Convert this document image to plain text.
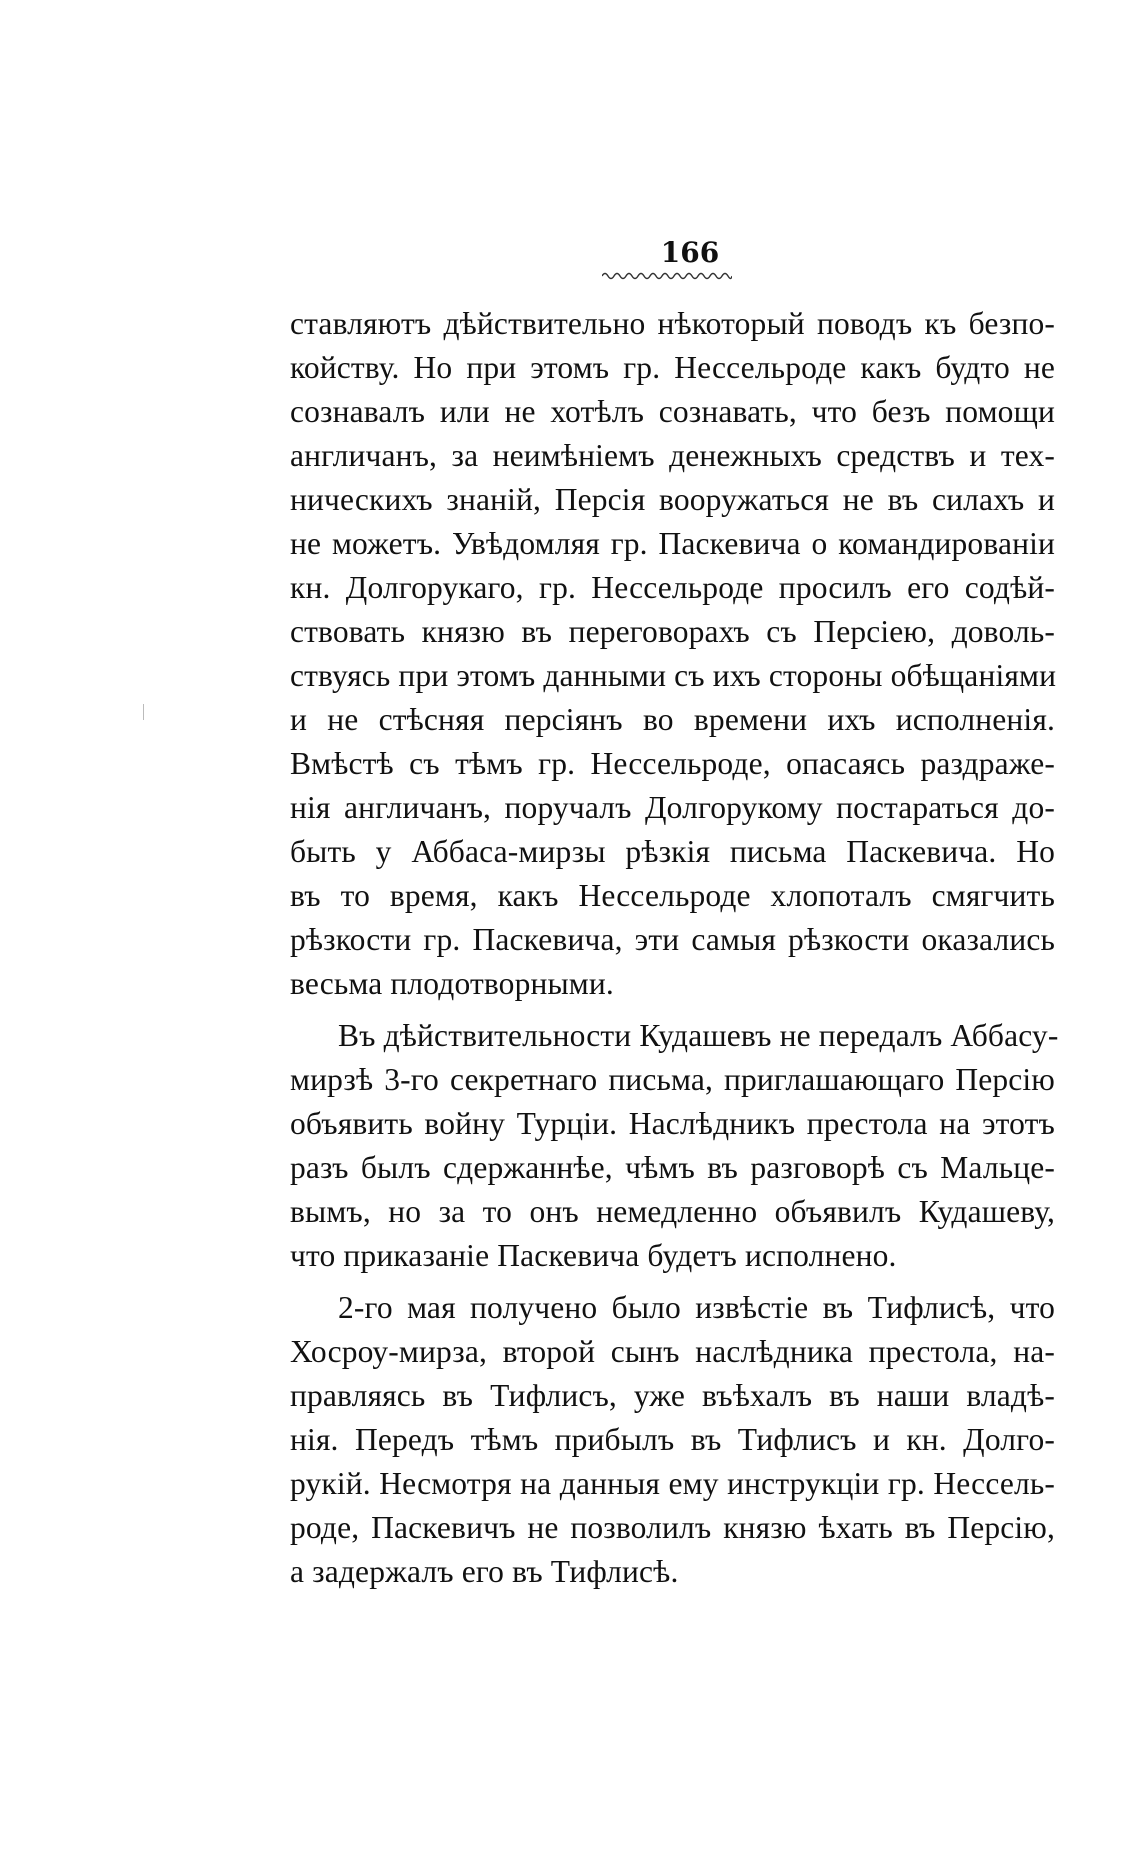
166
ставляютъ дѣйствительно нѣкоторый поводъ къ безпо-
койству. Но при этомъ гр. Нессельроде какъ будто не
сознавалъ или не хотѣлъ сознавать, что безъ помощи
англичанъ, за неимѣніемъ денежныхъ средствъ и тех-
ническихъ знаній, Персія вооружаться не въ силахъ и
не можетъ. Увѣдомляя гр. Паскевича о командированіи
кн. Долгорукаго, гр. Нессельроде просилъ его содѣй-
ствовать князю въ переговорахъ съ Персіею, доволь-
ствуясь при этомъ данными съ ихъ стороны обѣщаніями
и не стѣсняя персіянъ во времени ихъ исполненія.
Вмѣстѣ съ тѣмъ гр. Нессельроде, опасаясь раздраже-
нія англичанъ, поручалъ Долгорукому постараться до-
быть у Аббаса-мирзы рѣзкія письма Паскевича. Но
въ то время, какъ Нессельроде хлопоталъ смягчить
рѣзкости гр. Паскевича, эти самыя рѣзкости оказались
весьма плодотворными.
Въ дѣйствительности Кудашевъ не передалъ Аббасу-
мирзѣ 3-го секретнаго письма, приглашающаго Персію
объявить войну Турціи. Наслѣдникъ престола на этотъ
разъ былъ сдержаннѣе, чѣмъ въ разговорѣ съ Мальце-
вымъ, но за то онъ немедленно объявилъ Кудашеву,
что приказаніе Паскевича будетъ исполнено.
2-го мая получено было извѣстіе въ Тифлисѣ, что
Хосроу-мирза, второй сынъ наслѣдника престола, на-
правляясь въ Тифлисъ, уже въѣхалъ въ наши владѣ-
нія. Передъ тѣмъ прибылъ въ Тифлисъ и кн. Долго-
рукій. Несмотря на данныя ему инструкціи гр. Нессель-
роде, Паскевичъ не позволилъ князю ѣхать въ Персію,
а задержалъ его въ Тифлисѣ.
